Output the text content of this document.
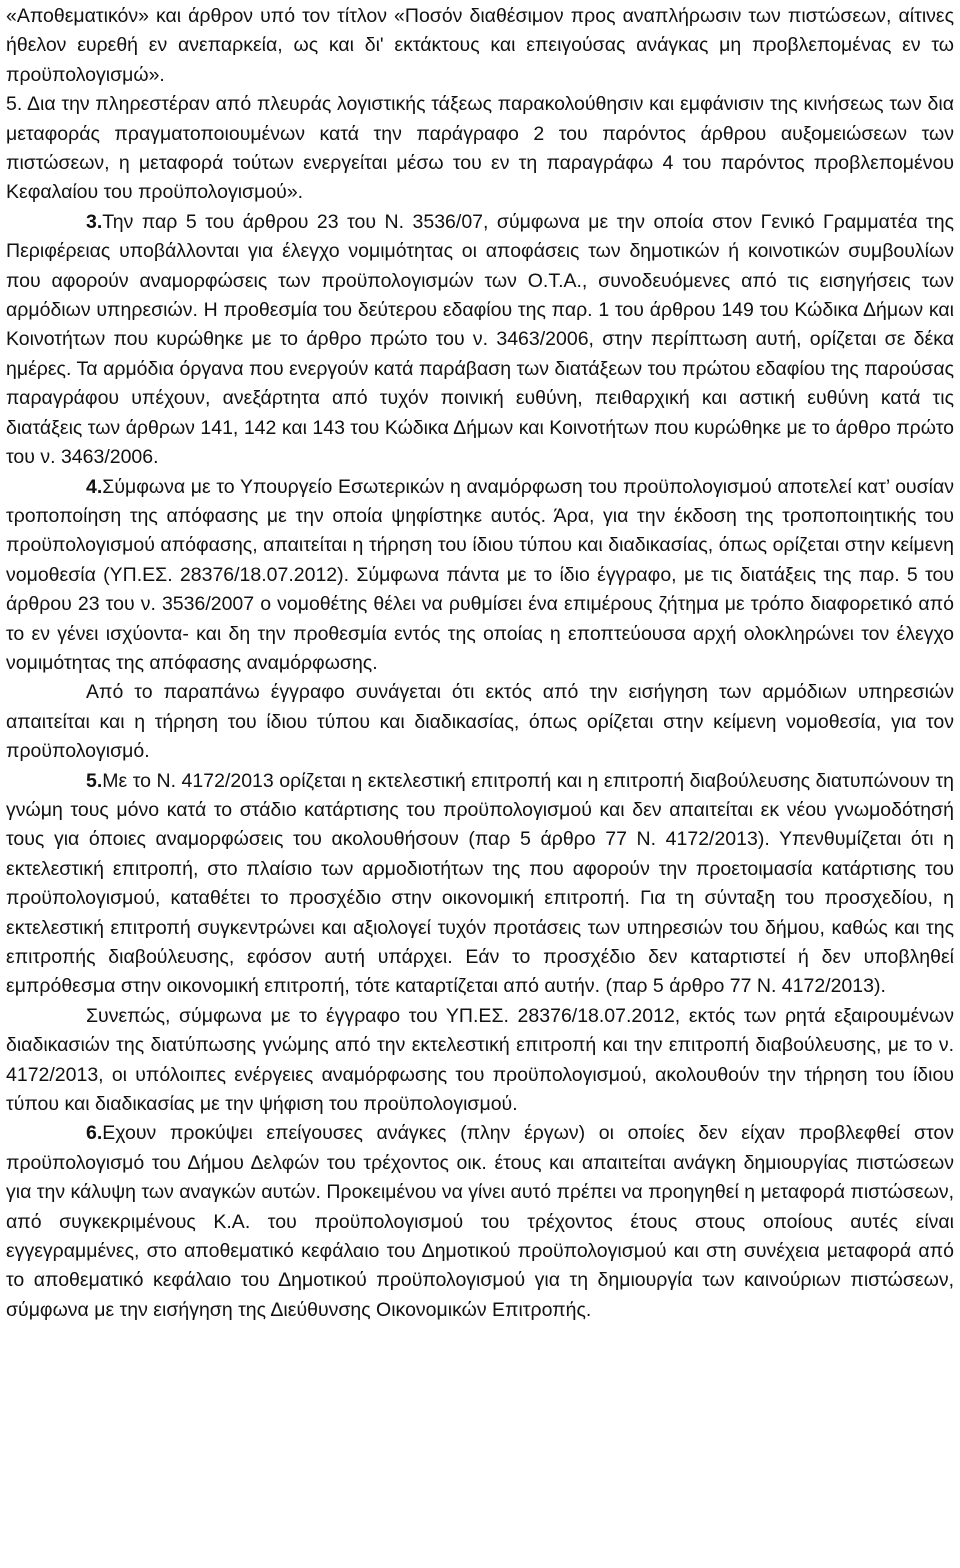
«Αποθεματικόν» και άρθρον υπό τον τίτλον «Ποσόν διαθέσιμον προς αναπλήρωσιν των πιστώσεων, αίτινες ήθελον ευρεθή εν ανεπαρκεία, ως και δι' εκτάκτους και επειγούσας ανάγκας μη προβλεπομένας εν τω προϋπολογισμώ».

5. Δια την πληρεστέραν από πλευράς λογιστικής τάξεως παρακολούθησιν και εμφάνισιν της κινήσεως των δια μεταφοράς πραγματοποιουμένων κατά την παράγραφο 2 του παρόντος άρθρου αυξομειώσεων των πιστώσεων, η μεταφορά τούτων ενεργείται μέσω του εν τη παραγράφω 4 του παρόντος προβλεπομένου Κεφαλαίου του προϋπολογισμού».

3.Την παρ 5 του άρθρου 23 του Ν. 3536/07, σύμφωνα με την οποία στον Γενικό Γραμματέα της Περιφέρειας υποβάλλονται για έλεγχο νομιμότητας οι αποφάσεις των δημοτικών ή κοινοτικών συμβουλίων που αφορούν αναμορφώσεις των προϋπολογισμών των Ο.Τ.Α., συνοδευόμενες από τις εισηγήσεις των αρμόδιων υπηρεσιών. Η προθεσμία του δεύτερου εδαφίου της παρ. 1 του άρθρου 149 του Κώδικα Δήμων και Κοινοτήτων που κυρώθηκε με το άρθρο πρώτο του ν. 3463/2006, στην περίπτωση αυτή, ορίζεται σε δέκα ημέρες. Τα αρμόδια όργανα που ενεργούν κατά παράβαση των διατάξεων του πρώτου εδαφίου της παρούσας παραγράφου υπέχουν, ανεξάρτητα από τυχόν ποινική ευθύνη, πειθαρχική και αστική ευθύνη κατά τις διατάξεις των άρθρων 141, 142 και 143 του Κώδικα Δήμων και Κοινοτήτων που κυρώθηκε με το άρθρο πρώτο του ν. 3463/2006.

4.Σύμφωνα με το Υπουργείο Εσωτερικών η αναμόρφωση του προϋπολογισμού αποτελεί κατ’ ουσίαν τροποποίηση της απόφασης με την οποία ψηφίστηκε αυτός. Άρα, για την έκδοση της τροποποιητικής του προϋπολογισμού απόφασης, απαιτείται η τήρηση του ίδιου τύπου και διαδικασίας, όπως ορίζεται στην κείμενη νομοθεσία (ΥΠ.ΕΣ. 28376/18.07.2012). Σύμφωνα πάντα με το ίδιο έγγραφο, με τις διατάξεις της παρ. 5 του άρθρου 23 του ν. 3536/2007 ο νομοθέτης θέλει να ρυθμίσει ένα επιμέρους ζήτημα με τρόπο διαφορετικό από το εν γένει ισχύοντα- και δη την προθεσμία εντός της οποίας η εποπτεύουσα αρχή ολοκληρώνει τον έλεγχο νομιμότητας της απόφασης αναμόρφωσης.

Από το παραπάνω έγγραφο συνάγεται ότι εκτός από την εισήγηση των αρμόδιων υπηρεσιών απαιτείται και η τήρηση του ίδιου τύπου και διαδικασίας, όπως ορίζεται στην κείμενη νομοθεσία, για τον προϋπολογισμό.

5.Με το Ν. 4172/2013 ορίζεται η εκτελεστική επιτροπή και η επιτροπή διαβούλευσης διατυπώνουν τη γνώμη τους μόνο κατά το στάδιο κατάρτισης του προϋπολογισμού και δεν απαιτείται εκ νέου γνωμοδότησή τους για όποιες αναμορφώσεις του ακολουθήσουν (παρ 5 άρθρο 77 Ν. 4172/2013). Υπενθυμίζεται ότι η εκτελεστική επιτροπή, στο πλαίσιο των αρμοδιοτήτων της που αφορούν την προετοιμασία κατάρτισης του προϋπολογισμού, καταθέτει το προσχέδιο στην οικονομική επιτροπή. Για τη σύνταξη του προσχεδίου, η εκτελεστική επιτροπή συγκεντρώνει και αξιολογεί τυχόν προτάσεις των υπηρεσιών του δήμου, καθώς και της επιτροπής διαβούλευσης, εφόσον αυτή υπάρχει. Εάν το προσχέδιο δεν καταρτιστεί ή δεν υποβληθεί εμπρόθεσμα στην οικονομική επιτροπή, τότε καταρτίζεται από αυτήν. (παρ 5 άρθρο 77 Ν. 4172/2013).

Συνεπώς, σύμφωνα με το έγγραφο του ΥΠ.ΕΣ. 28376/18.07.2012, εκτός των ρητά εξαιρουμένων διαδικασιών της διατύπωσης γνώμης από την εκτελεστική επιτροπή και την επιτροπή διαβούλευσης, με το ν. 4172/2013, οι υπόλοιπες ενέργειες αναμόρφωσης του προϋπολογισμού, ακολουθούν την τήρηση του ίδιου τύπου και διαδικασίας με την ψήφιση του προϋπολογισμού.

6.Εχουν προκύψει επείγουσες ανάγκες (πλην έργων) οι οποίες δεν είχαν προβλεφθεί στον προϋπολογισμό του Δήμου Δελφών του τρέχοντος οικ. έτους και απαιτείται ανάγκη δημιουργίας πιστώσεων για την κάλυψη των αναγκών αυτών. Προκειμένου να γίνει αυτό πρέπει να προηγηθεί η μεταφορά πιστώσεων, από συγκεκριμένους Κ.Α. του προϋπολογισμού του τρέχοντος έτους στους οποίους αυτές είναι εγγεγραμμένες, στο αποθεματικό κεφάλαιο του Δημοτικού προϋπολογισμού και στη συνέχεια μεταφορά από το αποθεματικό κεφάλαιο του Δημοτικού προϋπολογισμού για τη δημιουργία των καινούριων πιστώσεων, σύμφωνα με την εισήγηση της Διεύθυνσης Οικονομικών Επιτροπής.
